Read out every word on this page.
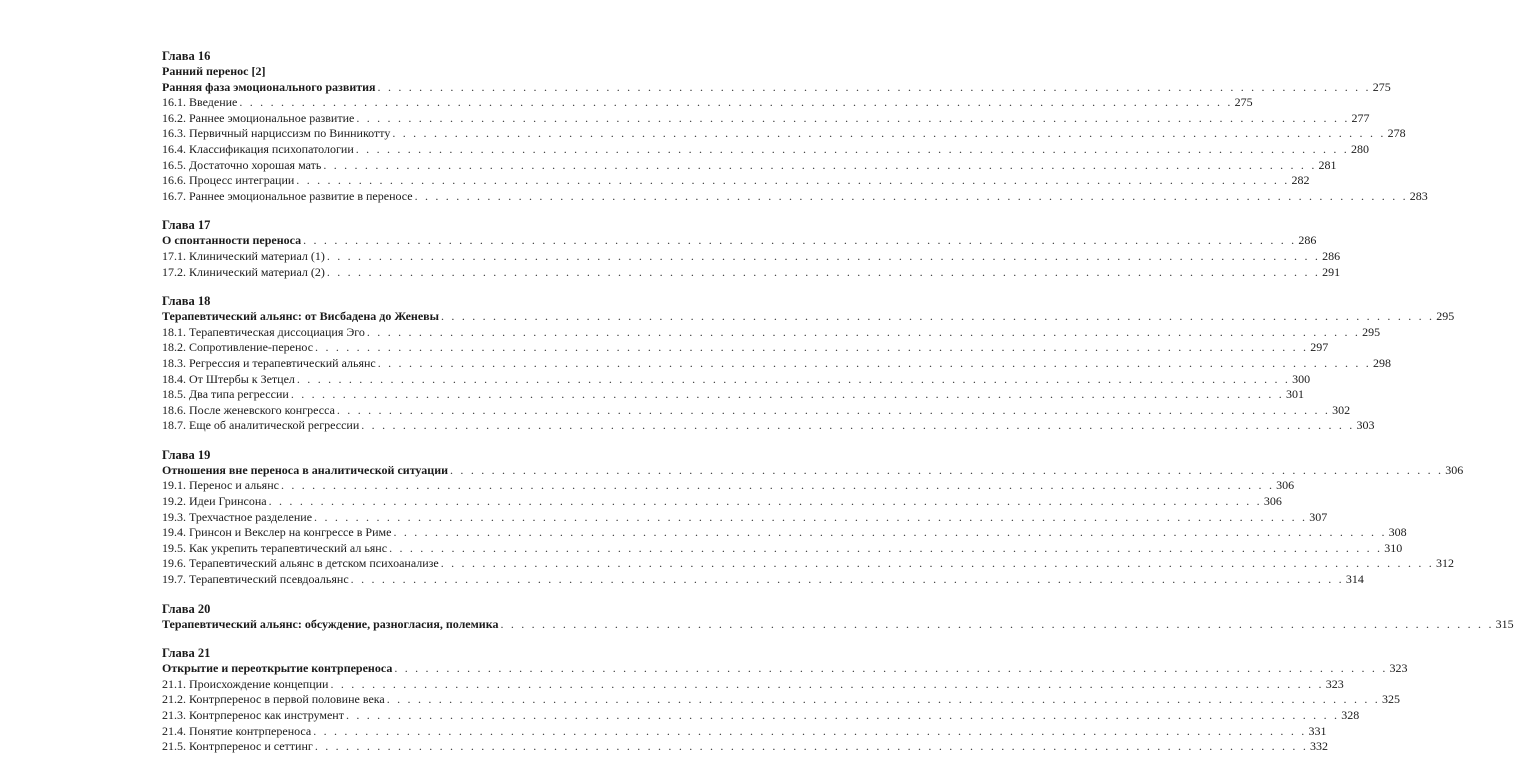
Глава 16
Ранний перенос [2]
Ранняя фаза эмоционального развития . . .	275
16.1. Введение . . .	275
16.2. Раннее эмоциональное развитие . . .	277
16.3. Первичный нарциссизм по Винникотту . . .	278
16.4. Классификация психопатологии . . .	280
16.5. Достаточно хорошая мать . . .	281
16.6. Процесс интеграции . . .	282
16.7. Раннее эмоциональное развитие в переносе . . .	283
Глава 17
О спонтанности переноса . . .	286
17.1. Клинический материал (1) . . .	286
17.2. Клинический материал (2) . . .	291
Глава 18
Терапевтический альянс: от Висбадена до Женевы . . .	295
18.1. Терапевтическая диссоциация Эго . . .	295
18.2. Сопротивление-перенос . . .	297
18.3. Регрессия и терапевтический альянс . . .	298
18.4. От Штербы к Зетцел . . .	300
18.5. Два типа регрессии . . .	301
18.6. После женевского конгресса . . .	302
18.7. Еще об аналитической регрессии . . .	303
Глава 19
Отношения вне переноса в аналитической ситуации . . .	306
19.1. Перенос и альянс . . .	306
19.2. Идеи Гринсона . . .	306
19.3. Трехчастное разделение . . .	307
19.4. Гринсон и Векслер на конгрессе в Риме . . .	308
19.5. Как укрепить терапевтический ал ьянс . . .	310
19.6. Терапевтический альянс в детском психоанализе . . .	312
19.7. Терапевтический псевдоальянс . . .	314
Глава 20
Терапевтический альянс: обсуждение, разногласия, полемика . . .	315
Глава 21
Открытие и переоткрытие контрпереноса . . .	323
21.1. Происхождение концепции . . .	323
21.2. Контрперенос в первой половине века . . .	325
21.3. Контрперенос как инструмент . . .	328
21.4. Понятие контрпереноса . . .	331
21.5. Контрперенос и сеттинг . . .	332
